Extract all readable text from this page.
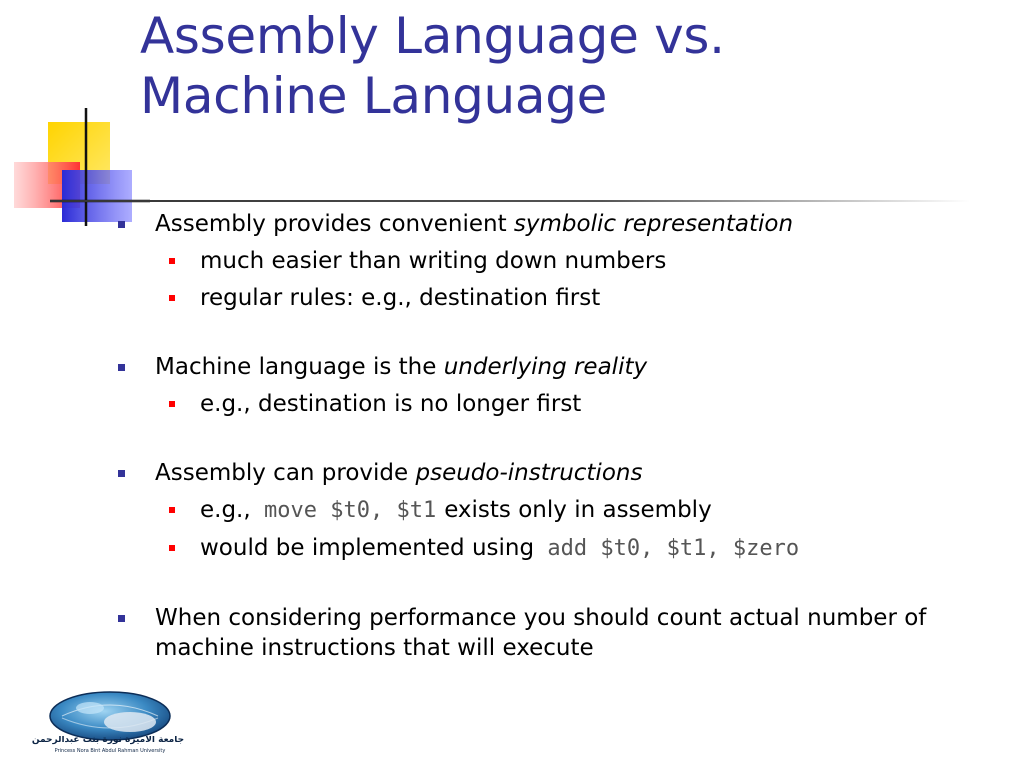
Assembly Language vs.
Machine Language
Assembly provides convenient symbolic representation
much easier than writing down numbers
regular rules: e.g., destination first
Machine language is the underlying reality
e.g., destination is no longer first
Assembly can provide pseudo-instructions
e.g., move $t0, $t1 exists only in assembly
would be implemented using add $t0, $t1, $zero
When considering performance you should count actual number of machine instructions that will execute
جامعة الأميرة نورة بنت عبدالرحمن
Princess Nora Bint Abdul Rahman University
